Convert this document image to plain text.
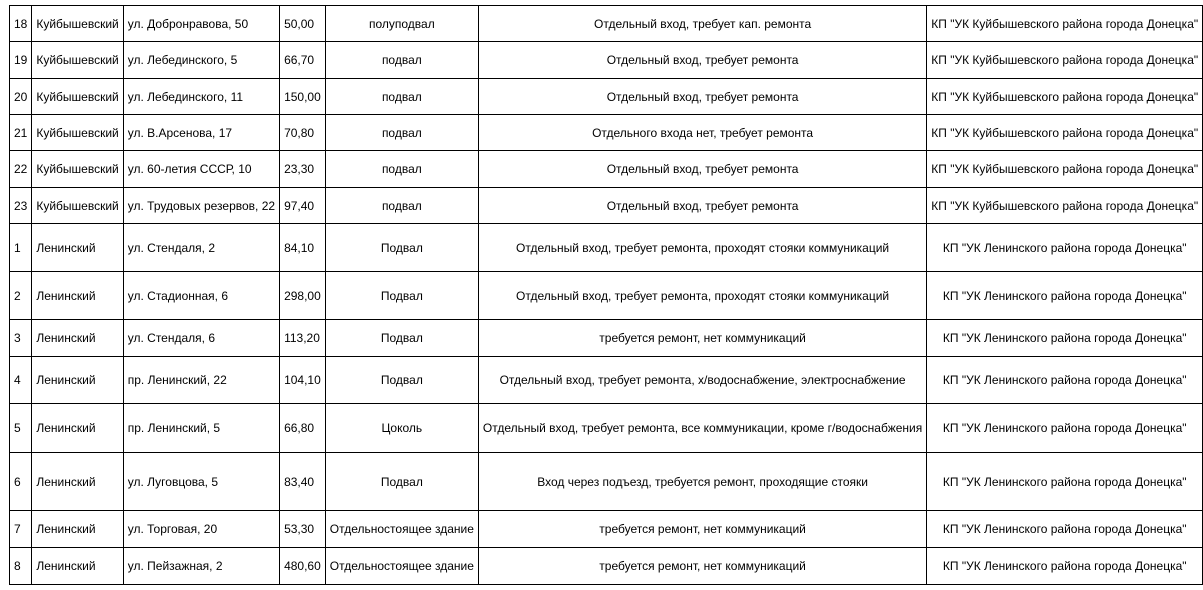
18	Куйбышевский	ул. Добронравова, 50	50,00	полуподвал	Отдельный вход, требует кап. ремонта	КП "УК Куйбышевского района города Донецка"
19	Куйбышевский	ул. Лебединского, 5	66,70	подвал	Отдельный вход, требует ремонта	КП "УК Куйбышевского района города Донецка"
20	Куйбышевский	ул. Лебединского, 11	150,00	подвал	Отдельный вход, требует ремонта	КП "УК Куйбышевского района города Донецка"
21	Куйбышевский	ул. В.Арсенова, 17	70,80	подвал	Отдельного входа нет, требует ремонта	КП "УК Куйбышевского района города Донецка"
22	Куйбышевский	ул. 60-летия СССР, 10	23,30	подвал	Отдельный вход, требует ремонта	КП "УК Куйбышевского района города Донецка"
23	Куйбышевский	ул. Трудовых резервов, 22	97,40	подвал	Отдельный вход, требует ремонта	КП "УК Куйбышевского района города Донецка"
1	Ленинский	ул. Стендаля, 2	84,10	Подвал	Отдельный вход, требует ремонта, проходят стояки коммуникаций	КП "УК Ленинского района города Донецка"
2	Ленинский	ул. Стадионная, 6	298,00	Подвал	Отдельный вход, требует ремонта, проходят стояки коммуникаций	КП "УК Ленинского района города Донецка"
3	Ленинский	ул. Стендаля, 6	113,20	Подвал	требуется ремонт, нет коммуникаций	КП "УК Ленинского района города Донецка"
4	Ленинский	пр. Ленинский, 22	104,10	Подвал	Отдельный вход, требует ремонта, х/водоснабжение, электроснабжение	КП "УК Ленинского района города Донецка"
5	Ленинский	пр. Ленинский, 5	66,80	Цоколь	Отдельный вход, требует ремонта, все коммуникации, кроме г/водоснабжения	КП "УК Ленинского района города Донецка"
6	Ленинский	ул. Луговцова, 5	83,40	Подвал	Вход через подъезд, требуется ремонт, проходящие стояки	КП "УК Ленинского района города Донецка"
7	Ленинский	ул. Торговая, 20	53,30	Отдельностоящее здание	требуется ремонт, нет коммуникаций	КП "УК Ленинского района города Донецка"
8	Ленинский	ул. Пейзажная, 2	480,60	Отдельностоящее здание	требуется ремонт, нет коммуникаций	КП "УК Ленинского района города Донецка"
